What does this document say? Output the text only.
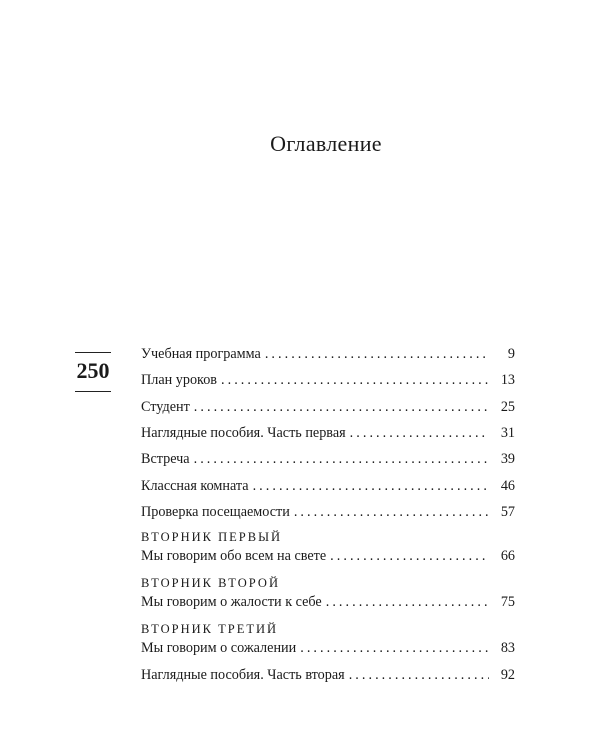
Оглавление
250
Учебная программа . . .	9
План уроков . . .	13
Студент . . .	25
Наглядные пособия. Часть первая . . .	31
Встреча . . .	39
Классная комната . . .	46
Проверка посещаемости . . .	57
ВТОРНИК ПЕРВЫЙ
Мы говорим обо всем на свете . . .	66
ВТОРНИК ВТОРОЙ
Мы говорим о жалости к себе . . .	75
ВТОРНИК ТРЕТИЙ
Мы говорим о сожалении . . .	83
Наглядные пособия. Часть вторая . . .	92
